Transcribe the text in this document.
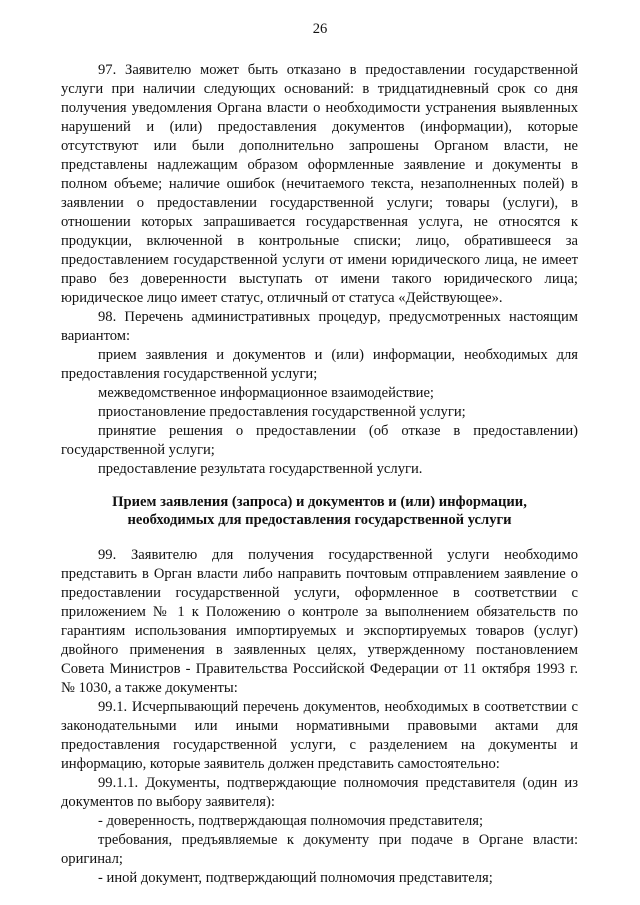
26

97. Заявителю может быть отказано в предоставлении государственной услуги при наличии следующих оснований: в тридцатидневный срок со дня получения уведомления Органа власти о необходимости устранения выявленных нарушений и (или) предоставления документов (информации), которые отсутствуют или были дополнительно запрошены Органом власти, не представлены надлежащим образом оформленные заявление и документы в полном объеме; наличие ошибок (нечитаемого текста, незаполненных полей) в заявлении о предоставлении государственной услуги; товары (услуги), в отношении которых запрашивается государственная услуга, не относятся к продукции, включенной в контрольные списки; лицо, обратившееся за предоставлением государственной услуги от имени юридического лица, не имеет право без доверенности выступать от имени такого юридического лица; юридическое лицо имеет статус, отличный от статуса «Действующее».

98. Перечень административных процедур, предусмотренных настоящим вариантом:

прием заявления и документов и (или) информации, необходимых для предоставления государственной услуги;

межведомственное информационное взаимодействие;

приостановление предоставления государственной услуги;

принятие решения о предоставлении (об отказе в предоставлении) государственной услуги;

предоставление результата государственной услуги.

Прием заявления (запроса) и документов и (или) информации,
необходимых для предоставления государственной услуги

99. Заявителю для получения государственной услуги необходимо представить в Орган власти либо направить почтовым отправлением заявление о предоставлении государственной услуги, оформленное в соответствии с приложением № 1 к Положению о контроле за выполнением обязательств по гарантиям использования импортируемых и экспортируемых товаров (услуг) двойного применения в заявленных целях, утвержденному постановлением Совета Министров - Правительства Российской Федерации от 11 октября 1993 г. № 1030, а также документы:

99.1. Исчерпывающий перечень документов, необходимых в соответствии с законодательными или иными нормативными правовыми актами для предоставления государственной услуги, с разделением на документы и информацию, которые заявитель должен представить самостоятельно:

99.1.1. Документы, подтверждающие полномочия представителя (один из документов по выбору заявителя):

- доверенность, подтверждающая полномочия представителя;

требования, предъявляемые к документу при подаче в Органе власти: оригинал;

- иной документ, подтверждающий полномочия представителя;
